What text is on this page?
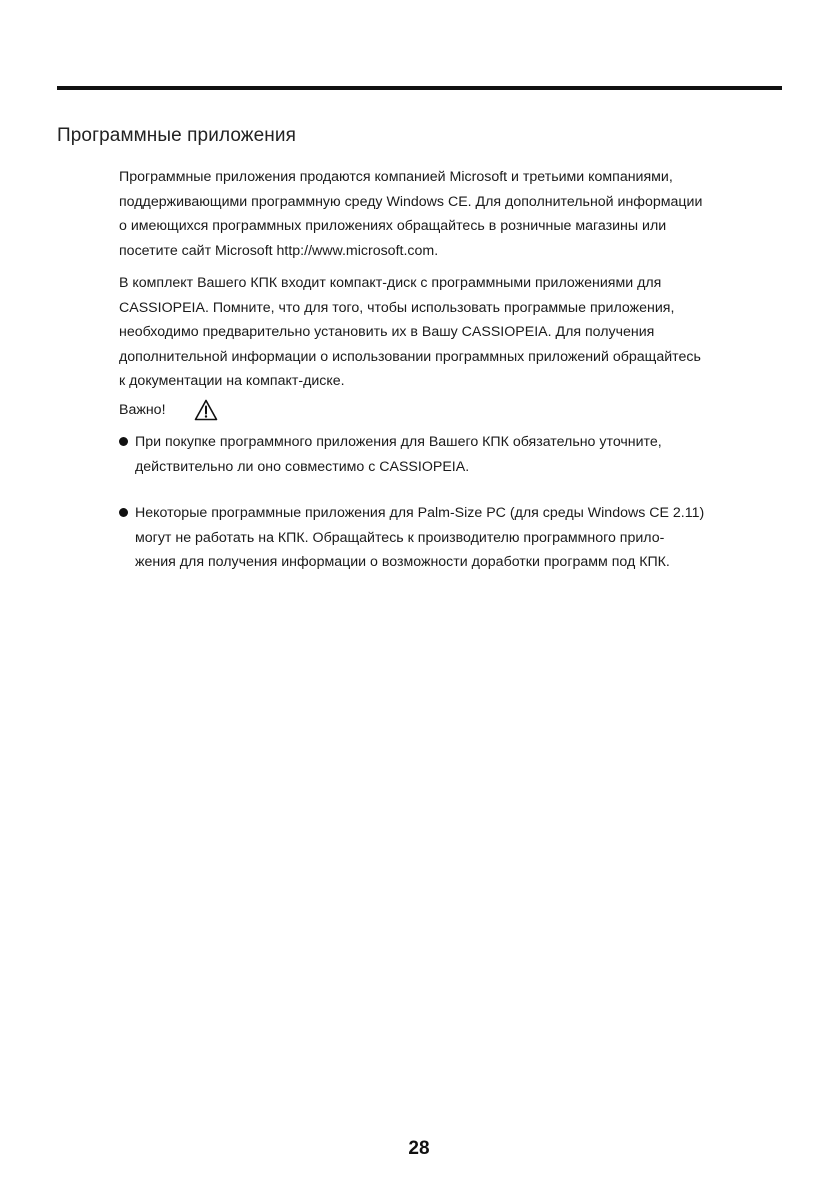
Программные приложения

Программные приложения продаются компанией Microsoft и третьими компаниями,
поддерживающими программную среду Windows CE. Для дополнительной информации
о имеющихся программных приложениях обращайтесь в розничные магазины или
посетите сайт Microsoft http://www.microsoft.com.

В комплект Вашего КПК входит компакт-диск с программными приложениями для
CASSIOPEIA. Помните, что для того, чтобы использовать программые приложения,
необходимо предварительно установить их в Вашу CASSIOPEIA. Для получения
дополнительной информации о использовании программных приложений обращайтесь
к документации на компакт-диске.

Важно!
При покупке программного приложения для Вашего КПК обязательно уточните,
действительно ли оно совместимо с CASSIOPEIA.
Некоторые программные приложения для Palm-Size PC (для среды Windows CE 2.11)
могут не работать на КПК. Обращайтесь к производителю программного прило-
жения для получения информации о возможности доработки программ под КПК.
28
